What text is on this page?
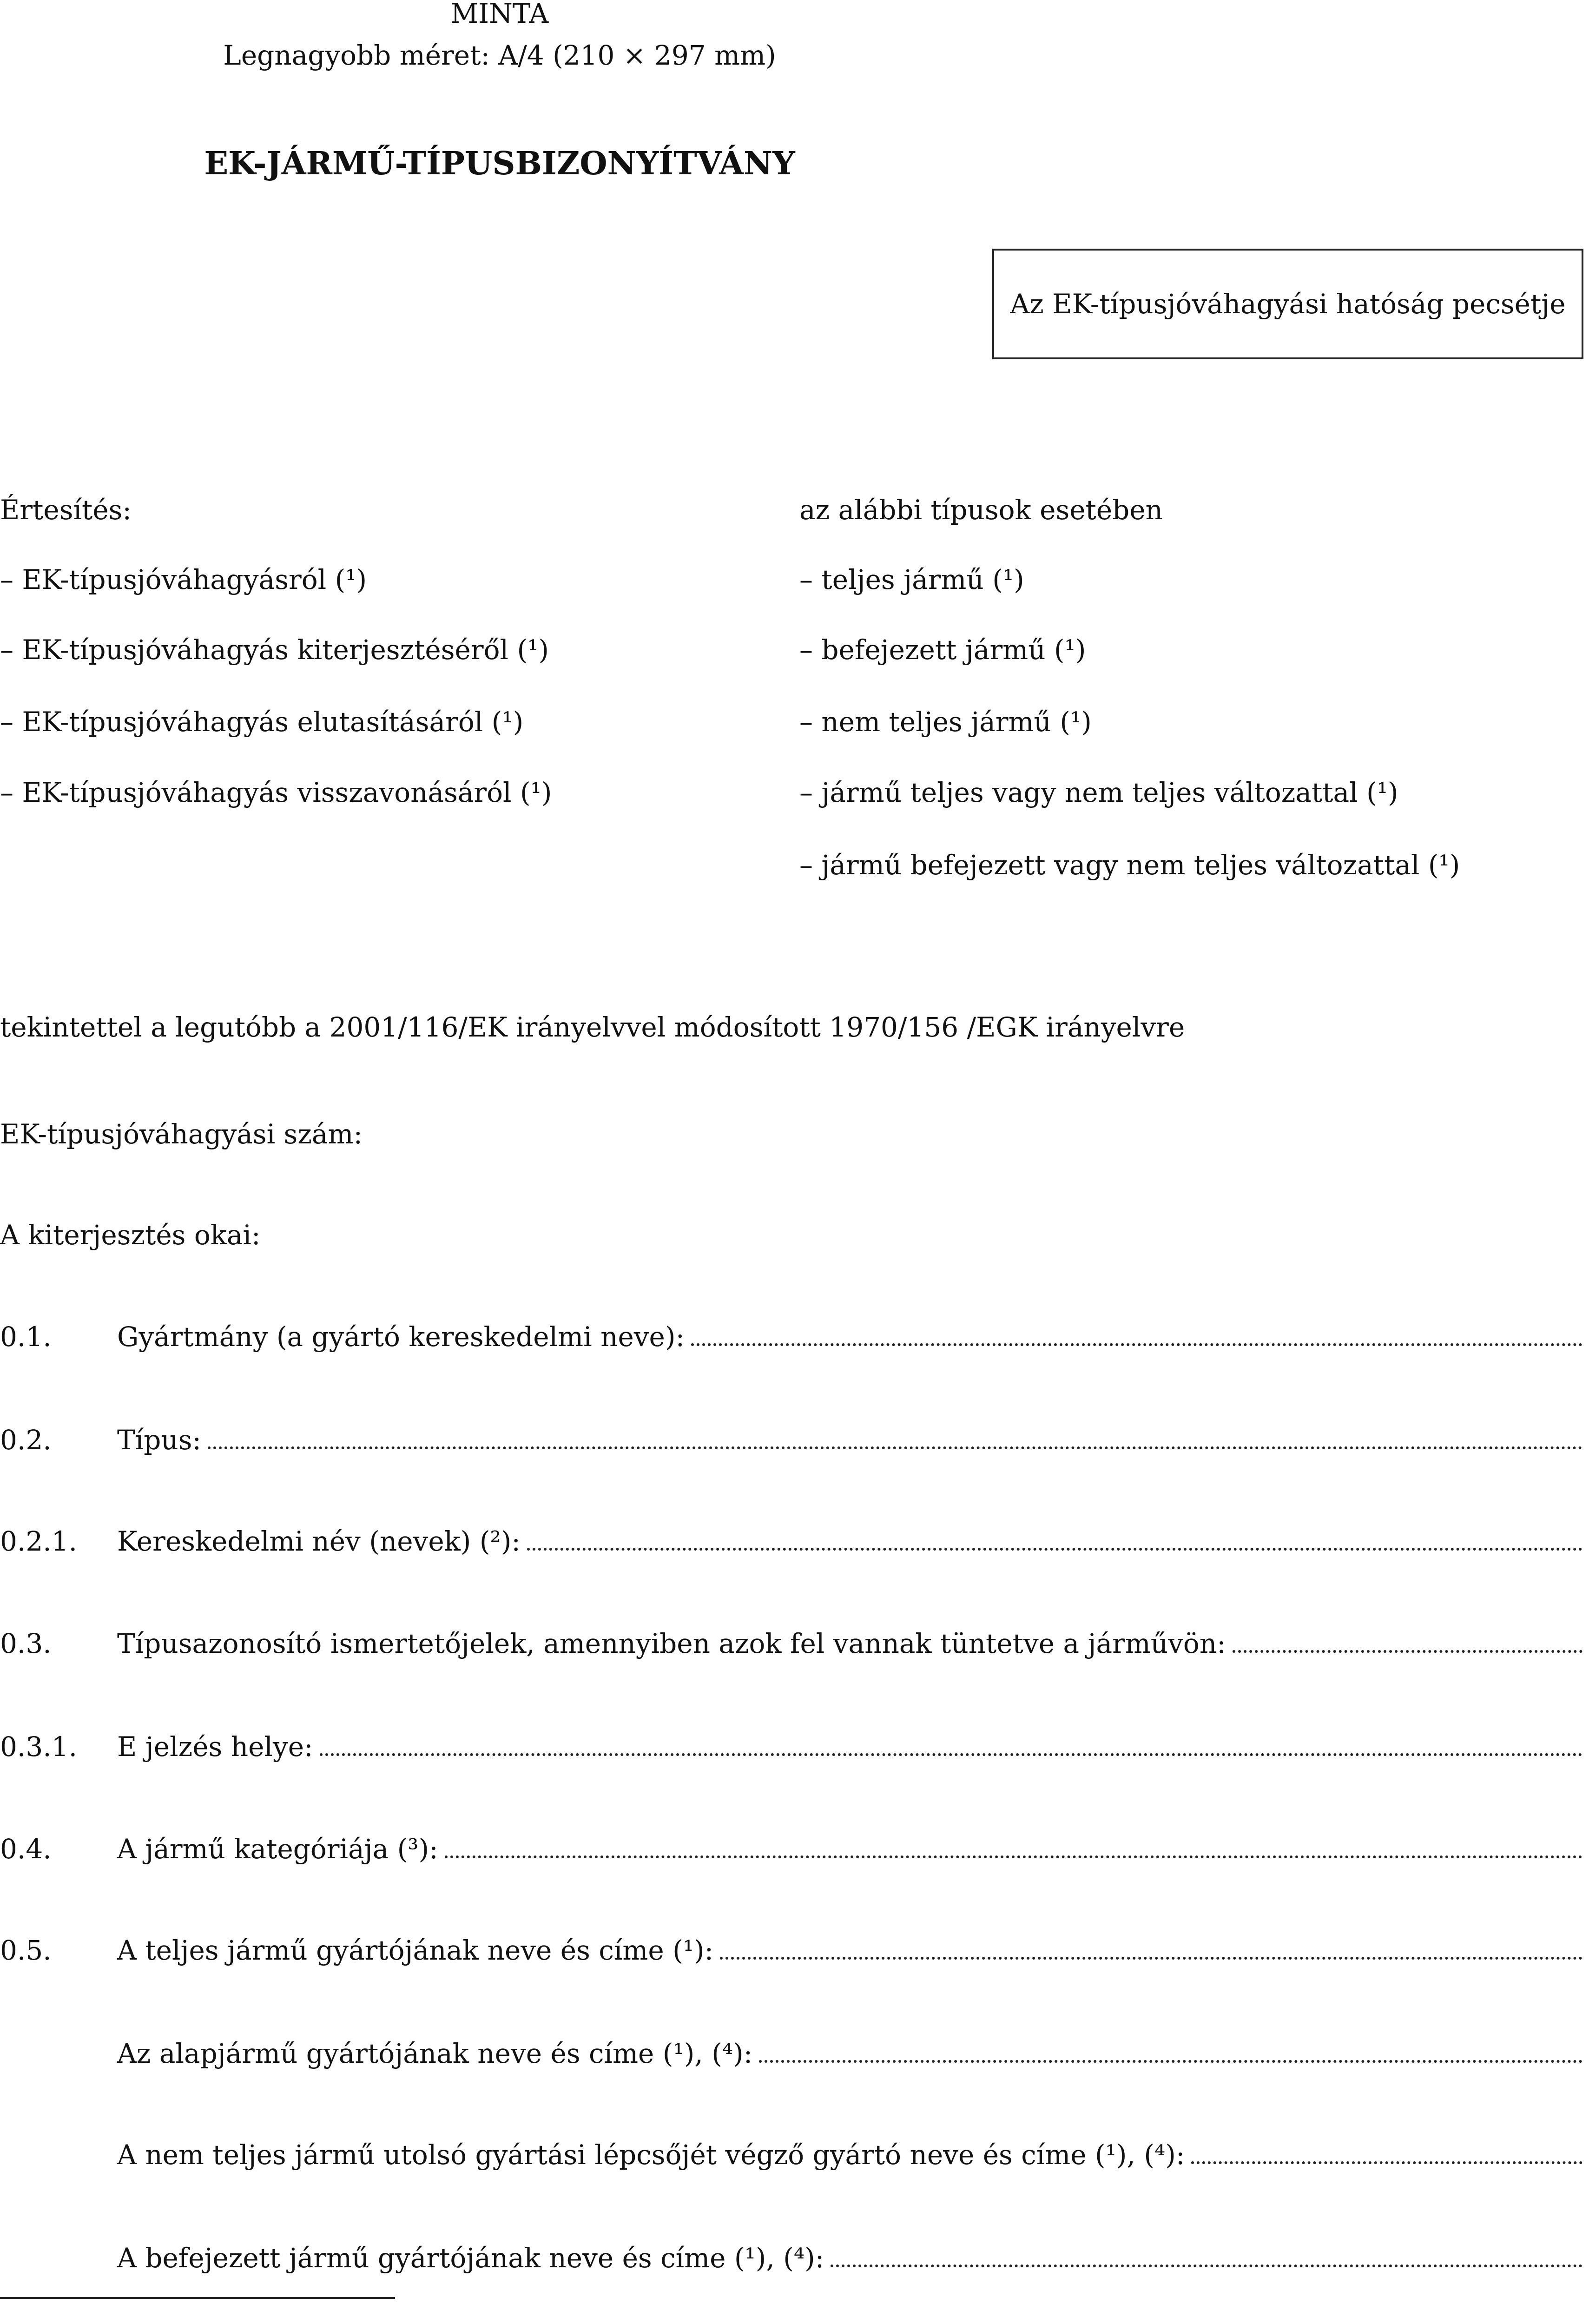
MINTA
Legnagyobb méret: A/4 (210 × 297 mm)
EK-JÁRMŰ-TÍPUSBIZONYÍTVÁNY
Az EK-típusjóváhagyási hatóság pecsétje
Értesítés:
– EK-típusjóváhagyásról (¹)
– EK-típusjóváhagyás kiterjesztéséről (¹)
– EK-típusjóváhagyás elutasításáról (¹)
– EK-típusjóváhagyás visszavonásáról (¹)
az alábbi típusok esetében
– teljes jármű (¹)
– befejezett jármű (¹)
– nem teljes jármű (¹)
– jármű teljes vagy nem teljes változattal (¹)
– jármű befejezett vagy nem teljes változattal (¹)
tekintettel a legutóbb a 2001/116/EK irányelvvel módosított 1970/156 /EGK irányelvre
EK-típusjóváhagyási szám:
A kiterjesztés okai:
0.1. Gyártmány (a gyártó kereskedelmi neve):
0.2. Típus:
0.2.1. Kereskedelmi név (nevek) (²):
0.3. Típusazonosító ismertetőjelek, amennyiben azok fel vannak tüntetve a járművön:
0.3.1. E jelzés helye:
0.4. A jármű kategóriája (³):
0.5. A teljes jármű gyártójának neve és címe (¹):
Az alapjármű gyártójának neve és címe (¹), (⁴):
A nem teljes jármű utolsó gyártási lépcsőjét végző gyártó neve és címe (¹), (⁴):
A befejezett jármű gyártójának neve és címe (¹), (⁴):
